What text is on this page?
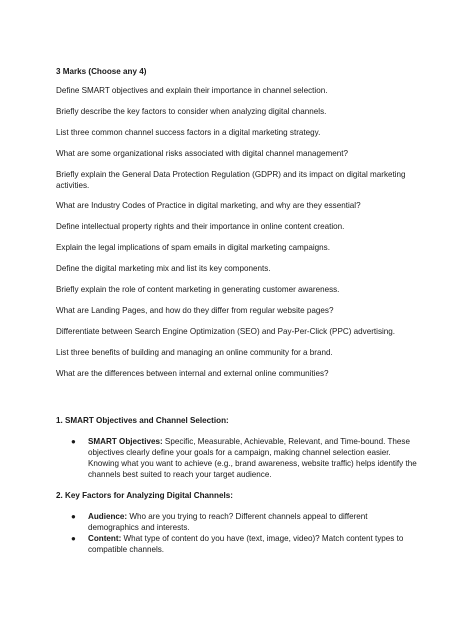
3 Marks (Choose any 4)

Define SMART objectives and explain their importance in channel selection.

Briefly describe the key factors to consider when analyzing digital channels.

List three common channel success factors in a digital marketing strategy.

What are some organizational risks associated with digital channel management?

Briefly explain the General Data Protection Regulation (GDPR) and its impact on digital marketing activities.

What are Industry Codes of Practice in digital marketing, and why are they essential?

Define intellectual property rights and their importance in online content creation.

Explain the legal implications of spam emails in digital marketing campaigns.

Define the digital marketing mix and list its key components.

Briefly explain the role of content marketing in generating customer awareness.

What are Landing Pages, and how do they differ from regular website pages?

Differentiate between Search Engine Optimization (SEO) and Pay-Per-Click (PPC) advertising.

List three benefits of building and managing an online community for a brand.

What are the differences between internal and external online communities?

1. SMART Objectives and Channel Selection:
● SMART Objectives: Specific, Measurable, Achievable, Relevant, and Time-bound. These objectives clearly define your goals for a campaign, making channel selection easier. Knowing what you want to achieve (e.g., brand awareness, website traffic) helps identify the channels best suited to reach your target audience.
2. Key Factors for Analyzing Digital Channels:
● Audience: Who are you trying to reach? Different channels appeal to different demographics and interests.
● Content: What type of content do you have (text, image, video)? Match content types to compatible channels.
